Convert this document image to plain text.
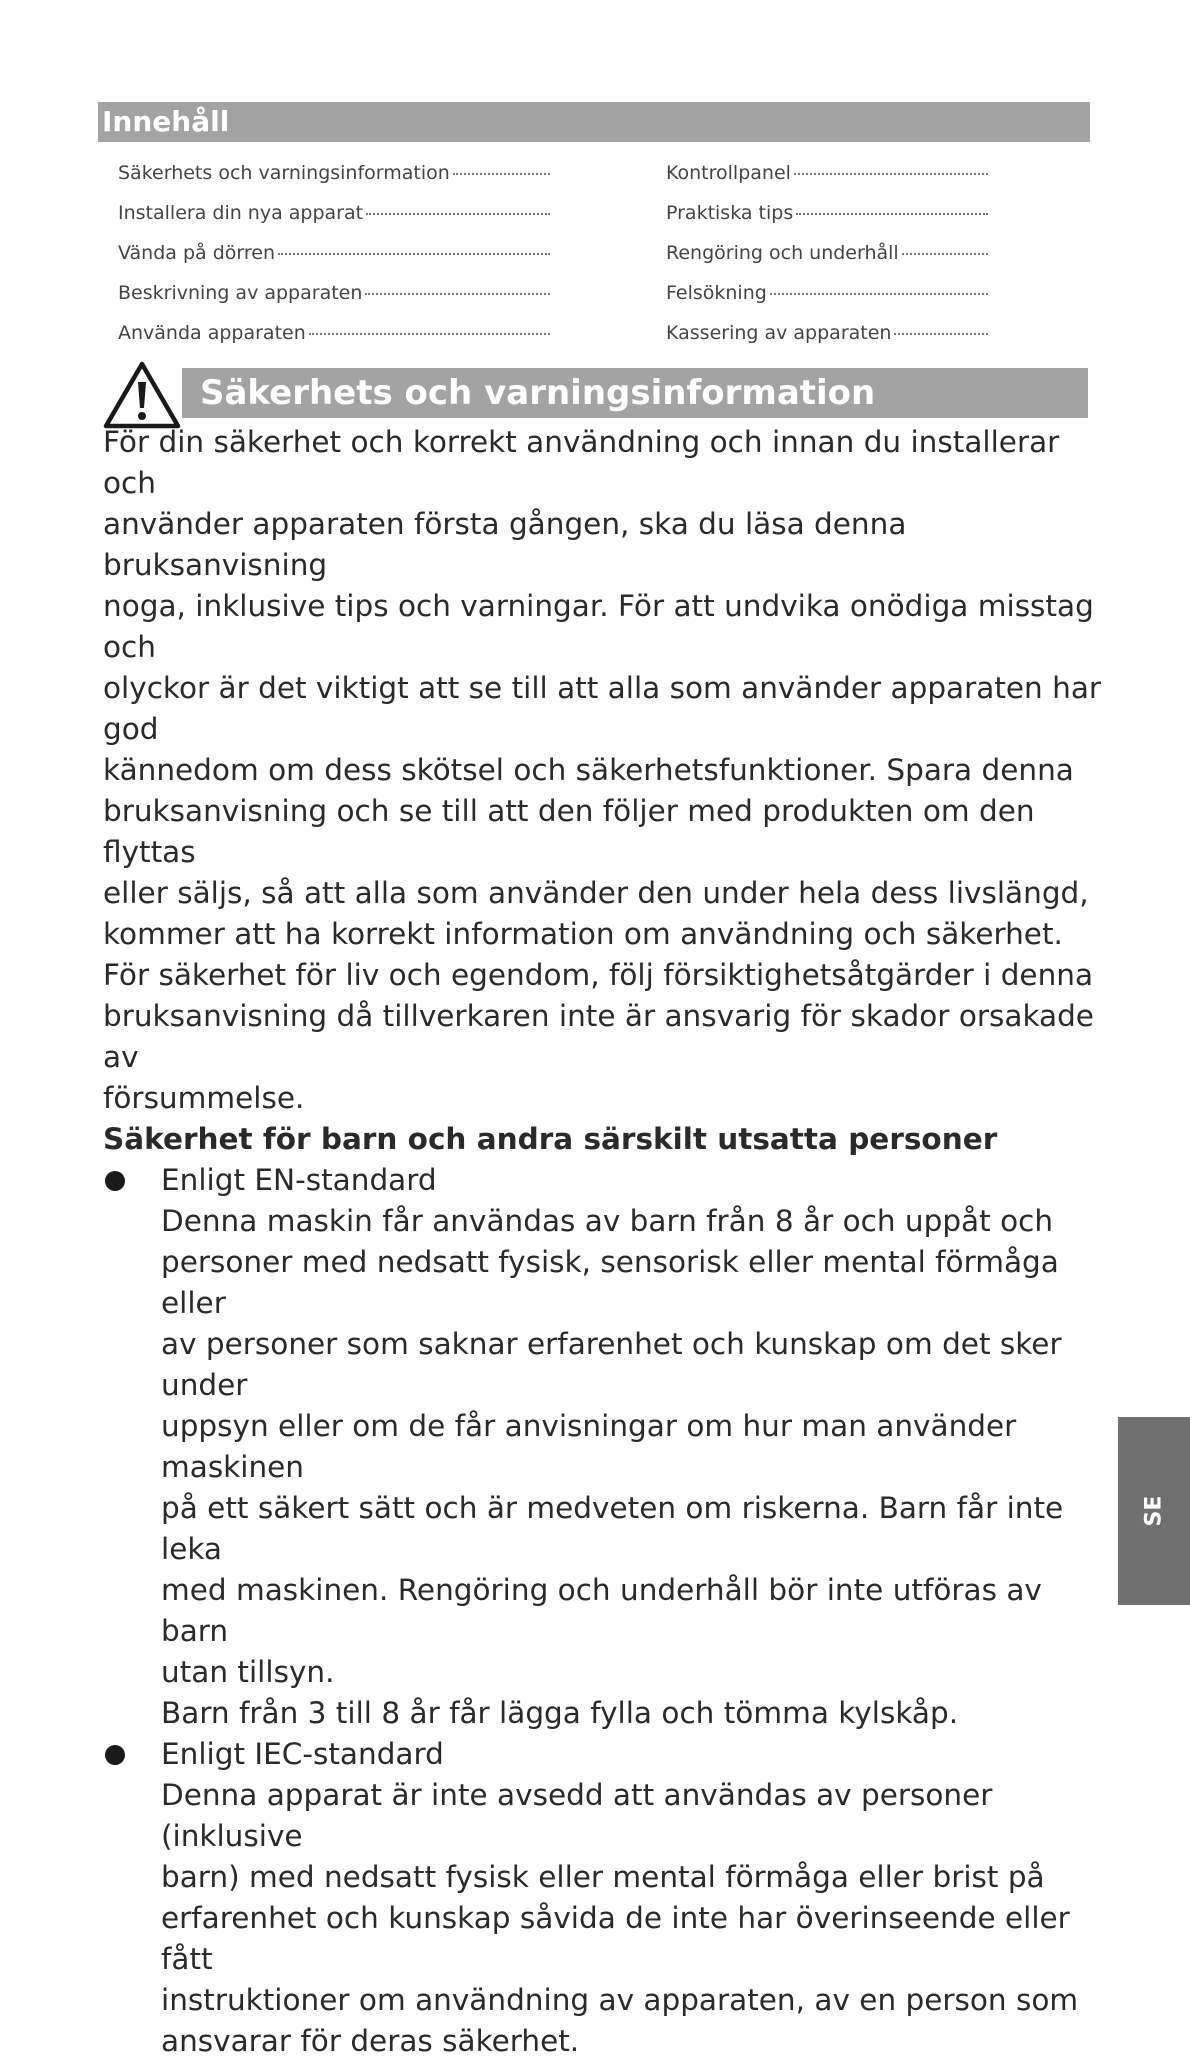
Innehåll
Säkerhets och varningsinformation
Installera din nya apparat
Vända på dörren
Beskrivning av apparaten
Använda apparaten
Kontrollpanel
Praktiska tips
Rengöring och underhåll
Felsökning
Kassering av apparaten
Säkerhets och varningsinformation

För din säkerhet och korrekt användning och innan du installerar och

använder apparaten första gången, ska du läsa denna bruksanvisning

noga, inklusive tips och varningar. För att undvika onödiga misstag och

olyckor är det viktigt att se till att alla som använder apparaten har god

kännedom om dess skötsel och säkerhetsfunktioner. Spara denna

bruksanvisning och se till att den följer med produkten om den flyttas

eller säljs, så att alla som använder den under hela dess livslängd,

kommer att ha korrekt information om användning och säkerhet.

För säkerhet för liv och egendom, följ försiktighetsåtgärder i denna

bruksanvisning då tillverkaren inte är ansvarig för skador orsakade av

försummelse.

Säkerhet för barn och andra särskilt utsatta personer

Enligt EN-standard

Denna maskin får användas av barn från 8 år och uppåt och

personer med nedsatt fysisk, sensorisk eller mental förmåga eller

av personer som saknar erfarenhet och kunskap om det sker under

uppsyn eller om de får anvisningar om hur man använder maskinen

på ett säkert sätt och är medveten om riskerna. Barn får inte leka

med maskinen. Rengöring och underhåll bör inte utföras av barn

utan tillsyn.

Barn från 3 till 8 år får lägga fylla och tömma kylskåp.

Enligt IEC-standard

Denna apparat är inte avsedd att användas av personer (inklusive

barn) med nedsatt fysisk eller mental förmåga eller brist på

erfarenhet och kunskap såvida de inte har överinseende eller fått

instruktioner om användning av apparaten, av en person som

ansvarar för deras säkerhet.

SE
